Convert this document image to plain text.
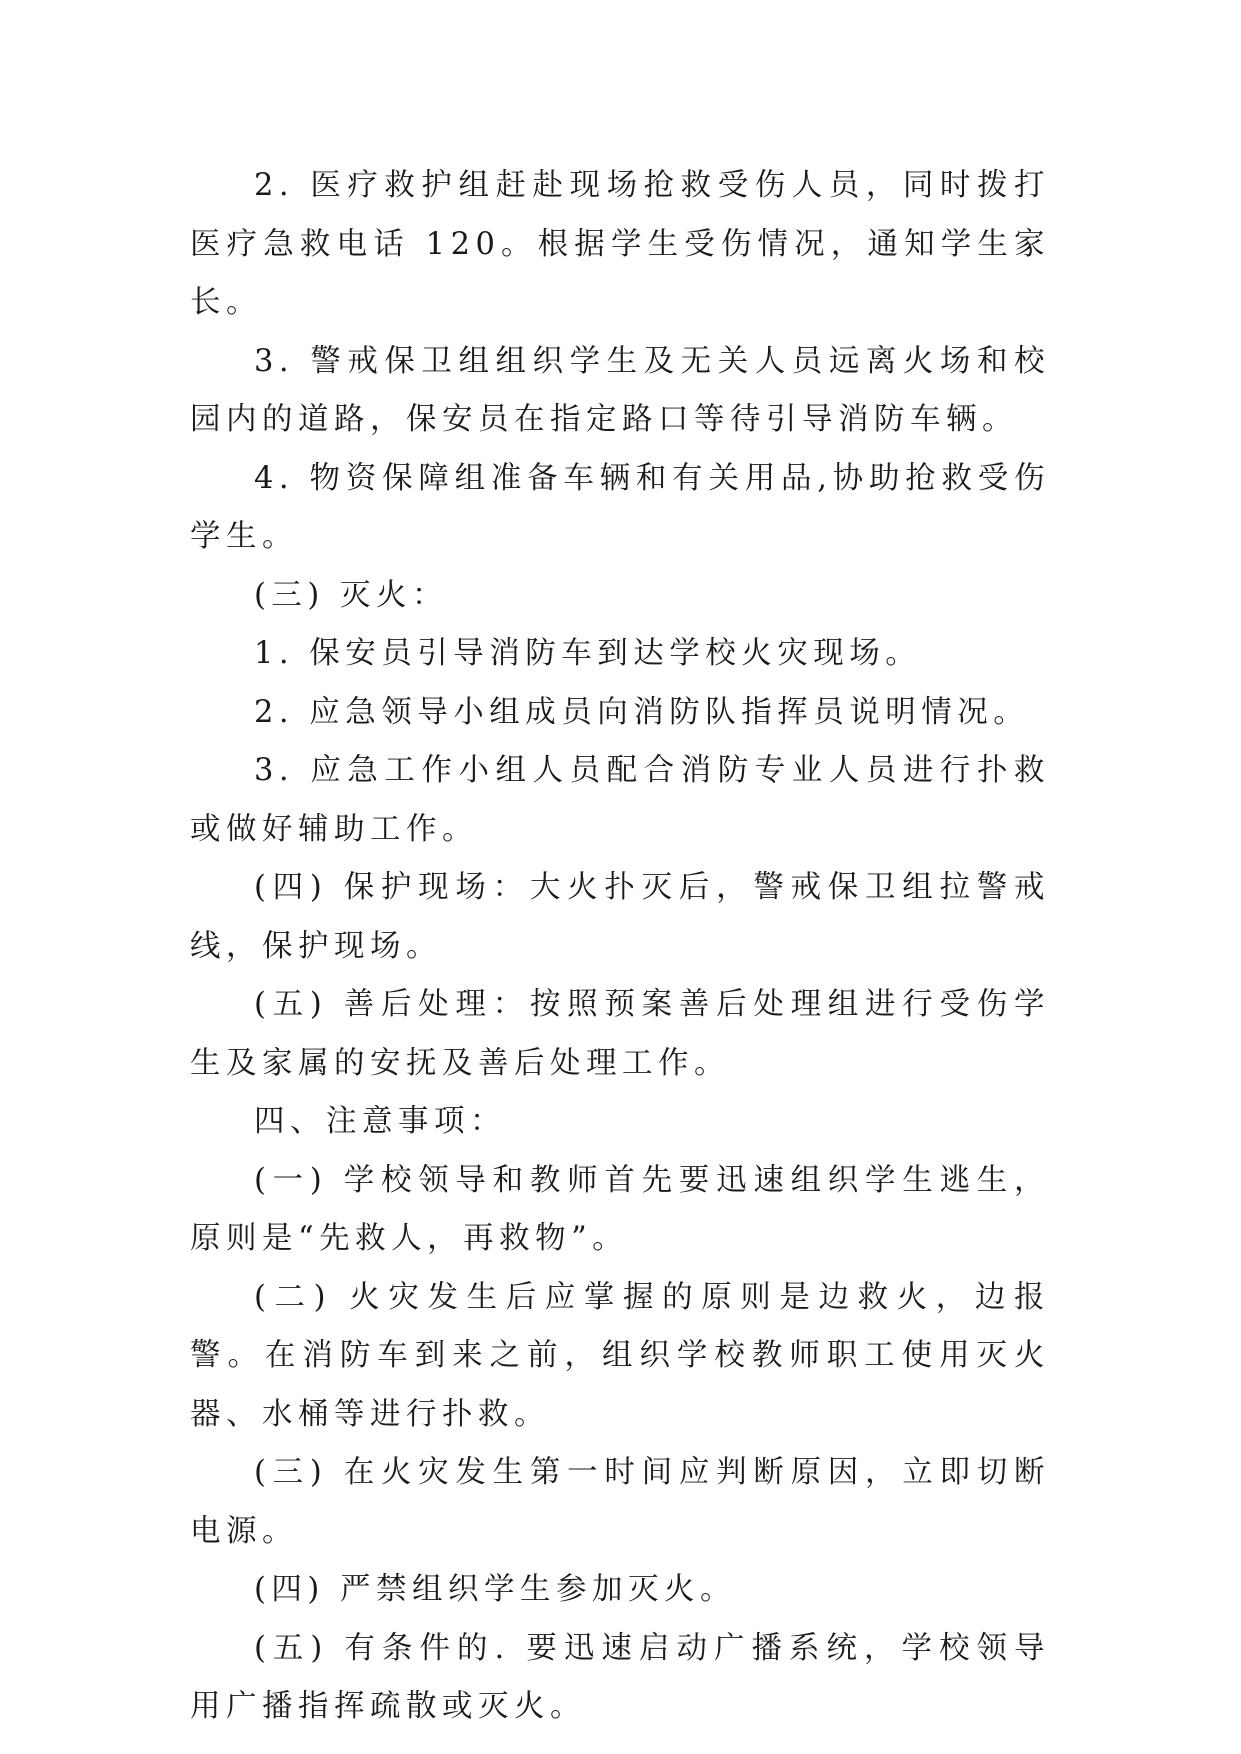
2. 医疗救护组赶赴现场抢救受伤人员，同时拨打医疗急救电话 120。根据学生受伤情况，通知学生家长。

3. 警戒保卫组组织学生及无关人员远离火场和校园内的道路，保安员在指定路口等待引导消防车辆。

4. 物资保障组准备车辆和有关用品,协助抢救受伤学生。

(三) 灭火：

1. 保安员引导消防车到达学校火灾现场。

2. 应急领导小组成员向消防队指挥员说明情况。

3. 应急工作小组人员配合消防专业人员进行扑救或做好辅助工作。

(四) 保护现场：大火扑灭后，警戒保卫组拉警戒线，保护现场。

(五) 善后处理：按照预案善后处理组进行受伤学生及家属的安抚及善后处理工作。

四、注意事项：

(一) 学校领导和教师首先要迅速组织学生逃生，原则是“先救人，再救物”。

(二) 火灾发生后应掌握的原则是边救火，边报警。在消防车到来之前，组织学校教师职工使用灭火器、水桶等进行扑救。

(三) 在火灾发生第一时间应判断原因，立即切断电源。

(四) 严禁组织学生参加灭火。

(五) 有条件的. 要迅速启动广播系统，学校领导用广播指挥疏散或灭火。
